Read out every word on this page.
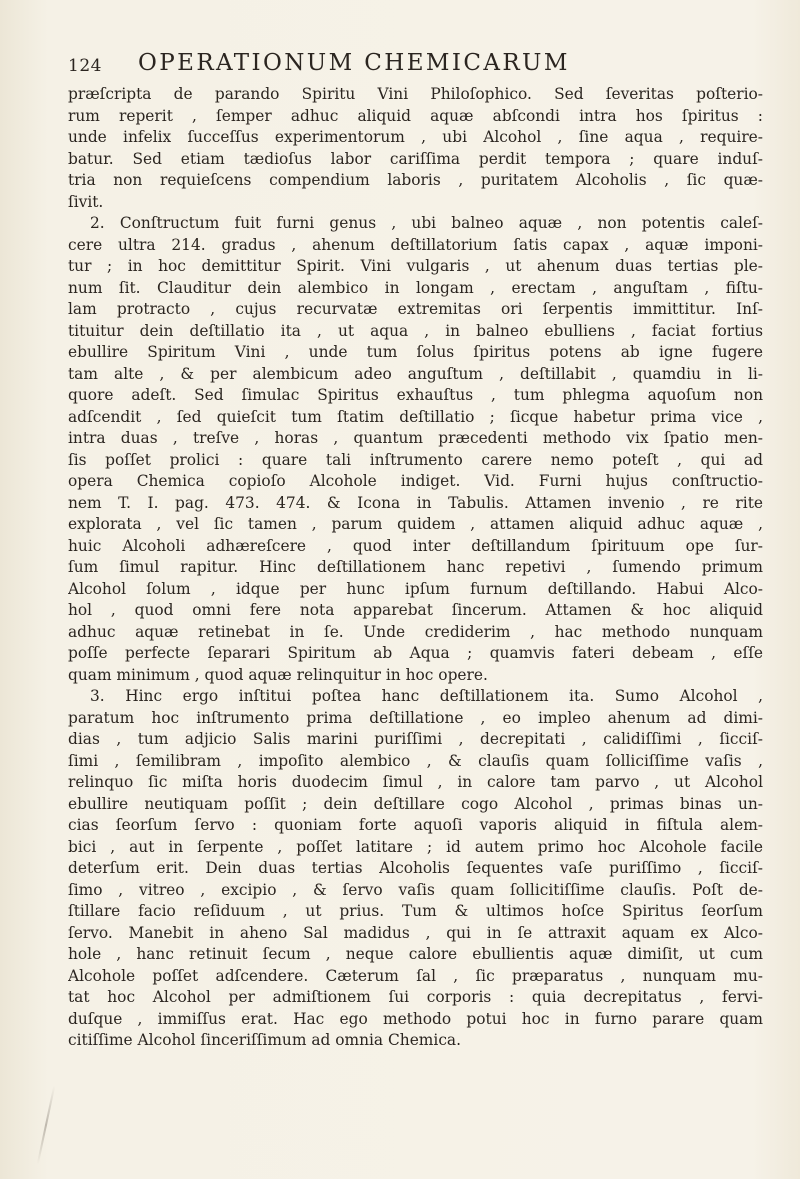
124 OPERATIONUM CHEMICARUM
præſcripta de parando Spiritu Vini Philoſophico. Sed ſeveritas poſterio-
rum reperit , ſemper adhuc aliquid aquæ abſcondi intra hos ſpiritus :
unde infelix ſucceſſus experimentorum , ubi Alcohol , ſine aqua , require-
batur. Sed etiam tædioſus labor cariſſima perdit tempora ; quare induſ-
tria non requieſcens compendium laboris , puritatem Alcoholis , ſic quæ-
ſivit.
2. Conſtructum fuit furni genus , ubi balneo aquæ , non potentis caleſ-
cere ultra 214. gradus , ahenum deſtillatorium ſatis capax , aquæ imponi-
tur ; in hoc demittitur Spirit. Vini vulgaris , ut ahenum duas tertias ple-
num ſit. Clauditur dein alembico in longam , erectam , anguſtam , fiſtu-
lam protracto , cujus recurvatæ extremitas ori ſerpentis immittitur. Inſ-
tituitur dein deſtillatio ita , ut aqua , in balneo ebulliens , faciat fortius
ebullire Spiritum Vini , unde tum ſolus ſpiritus potens ab igne fugere
tam alte , & per alembicum adeo anguſtum , deſtillabit , quamdiu in li-
quore adeſt. Sed ſimulac Spiritus exhauſtus , tum phlegma aquoſum non
adſcendit , ſed quieſcit tum ſtatim deſtillatio ; ſicque habetur prima vice ,
intra duas , treſve , horas , quantum præcedenti methodo vix ſpatio men-
ſis poſſet prolici : quare tali inſtrumento carere nemo poteſt , qui ad
opera Chemica copioſo Alcohole indiget. Vid. Furni hujus conſtructio-
nem T. I. pag. 473. 474. & Icona in Tabulis. Attamen invenio , re rite
explorata , vel ſic tamen , parum quidem , attamen aliquid adhuc aquæ ,
huic Alcoholi adhæreſcere , quod inter deſtillandum ſpirituum ope ſur-
ſum ſimul rapitur. Hinc deſtillationem hanc repetivi , ſumendo primum
Alcohol ſolum , idque per hunc ipſum furnum deſtillando. Habui Alco-
hol , quod omni fere nota apparebat ſincerum. Attamen & hoc aliquid
adhuc aquæ retinebat in ſe. Unde crediderim , hac methodo nunquam
poſſe perfecte ſeparari Spiritum ab Aqua ; quamvis fateri debeam , eſſe
quam minimum , quod aquæ relinquitur in hoc opere.
3. Hinc ergo inſtitui poſtea hanc deſtillationem ita. Sumo Alcohol ,
paratum hoc inſtrumento prima deſtillatione , eo impleo ahenum ad dimi-
dias , tum adjicio Salis marini puriſſimi , decrepitati , calidiſſimi , ſicciſ-
ſimi , ſemilibram , impoſito alembico , & clauſis quam ſolliciſſime vaſis ,
relinquo ſic miſta horis duodecim ſimul , in calore tam parvo , ut Alcohol
ebullire neutiquam poſſit ; dein deſtillare cogo Alcohol , primas binas un-
cias ſeorſum ſervo : quoniam forte aquoſi vaporis aliquid in fiſtula alem-
bici , aut in ſerpente , poſſet latitare ; id autem primo hoc Alcohole facile
deterſum erit. Dein duas tertias Alcoholis ſequentes vaſe puriſſimo , ſicciſ-
ſimo , vitreo , excipio , & ſervo vaſis quam ſollicitiſſime clauſis. Poſt de-
ſtillare facio reſiduum , ut prius. Tum & ultimos hoſce Spiritus ſeorſum
ſervo. Manebit in aheno Sal madidus , qui in ſe attraxit aquam ex Alco-
hole , hanc retinuit ſecum , neque calore ebullientis aquæ dimiſit, ut cum
Alcohole poſſet adſcendere. Cæterum ſal , ſic præparatus , nunquam mu-
tat hoc Alcohol per admiſtionem ſui corporis : quia decrepitatus , fervi-
duſque , immiſſus erat. Hac ego methodo potui hoc in furno parare quam
citiſſime Alcohol ſinceriſſimum ad omnia Chemica.
